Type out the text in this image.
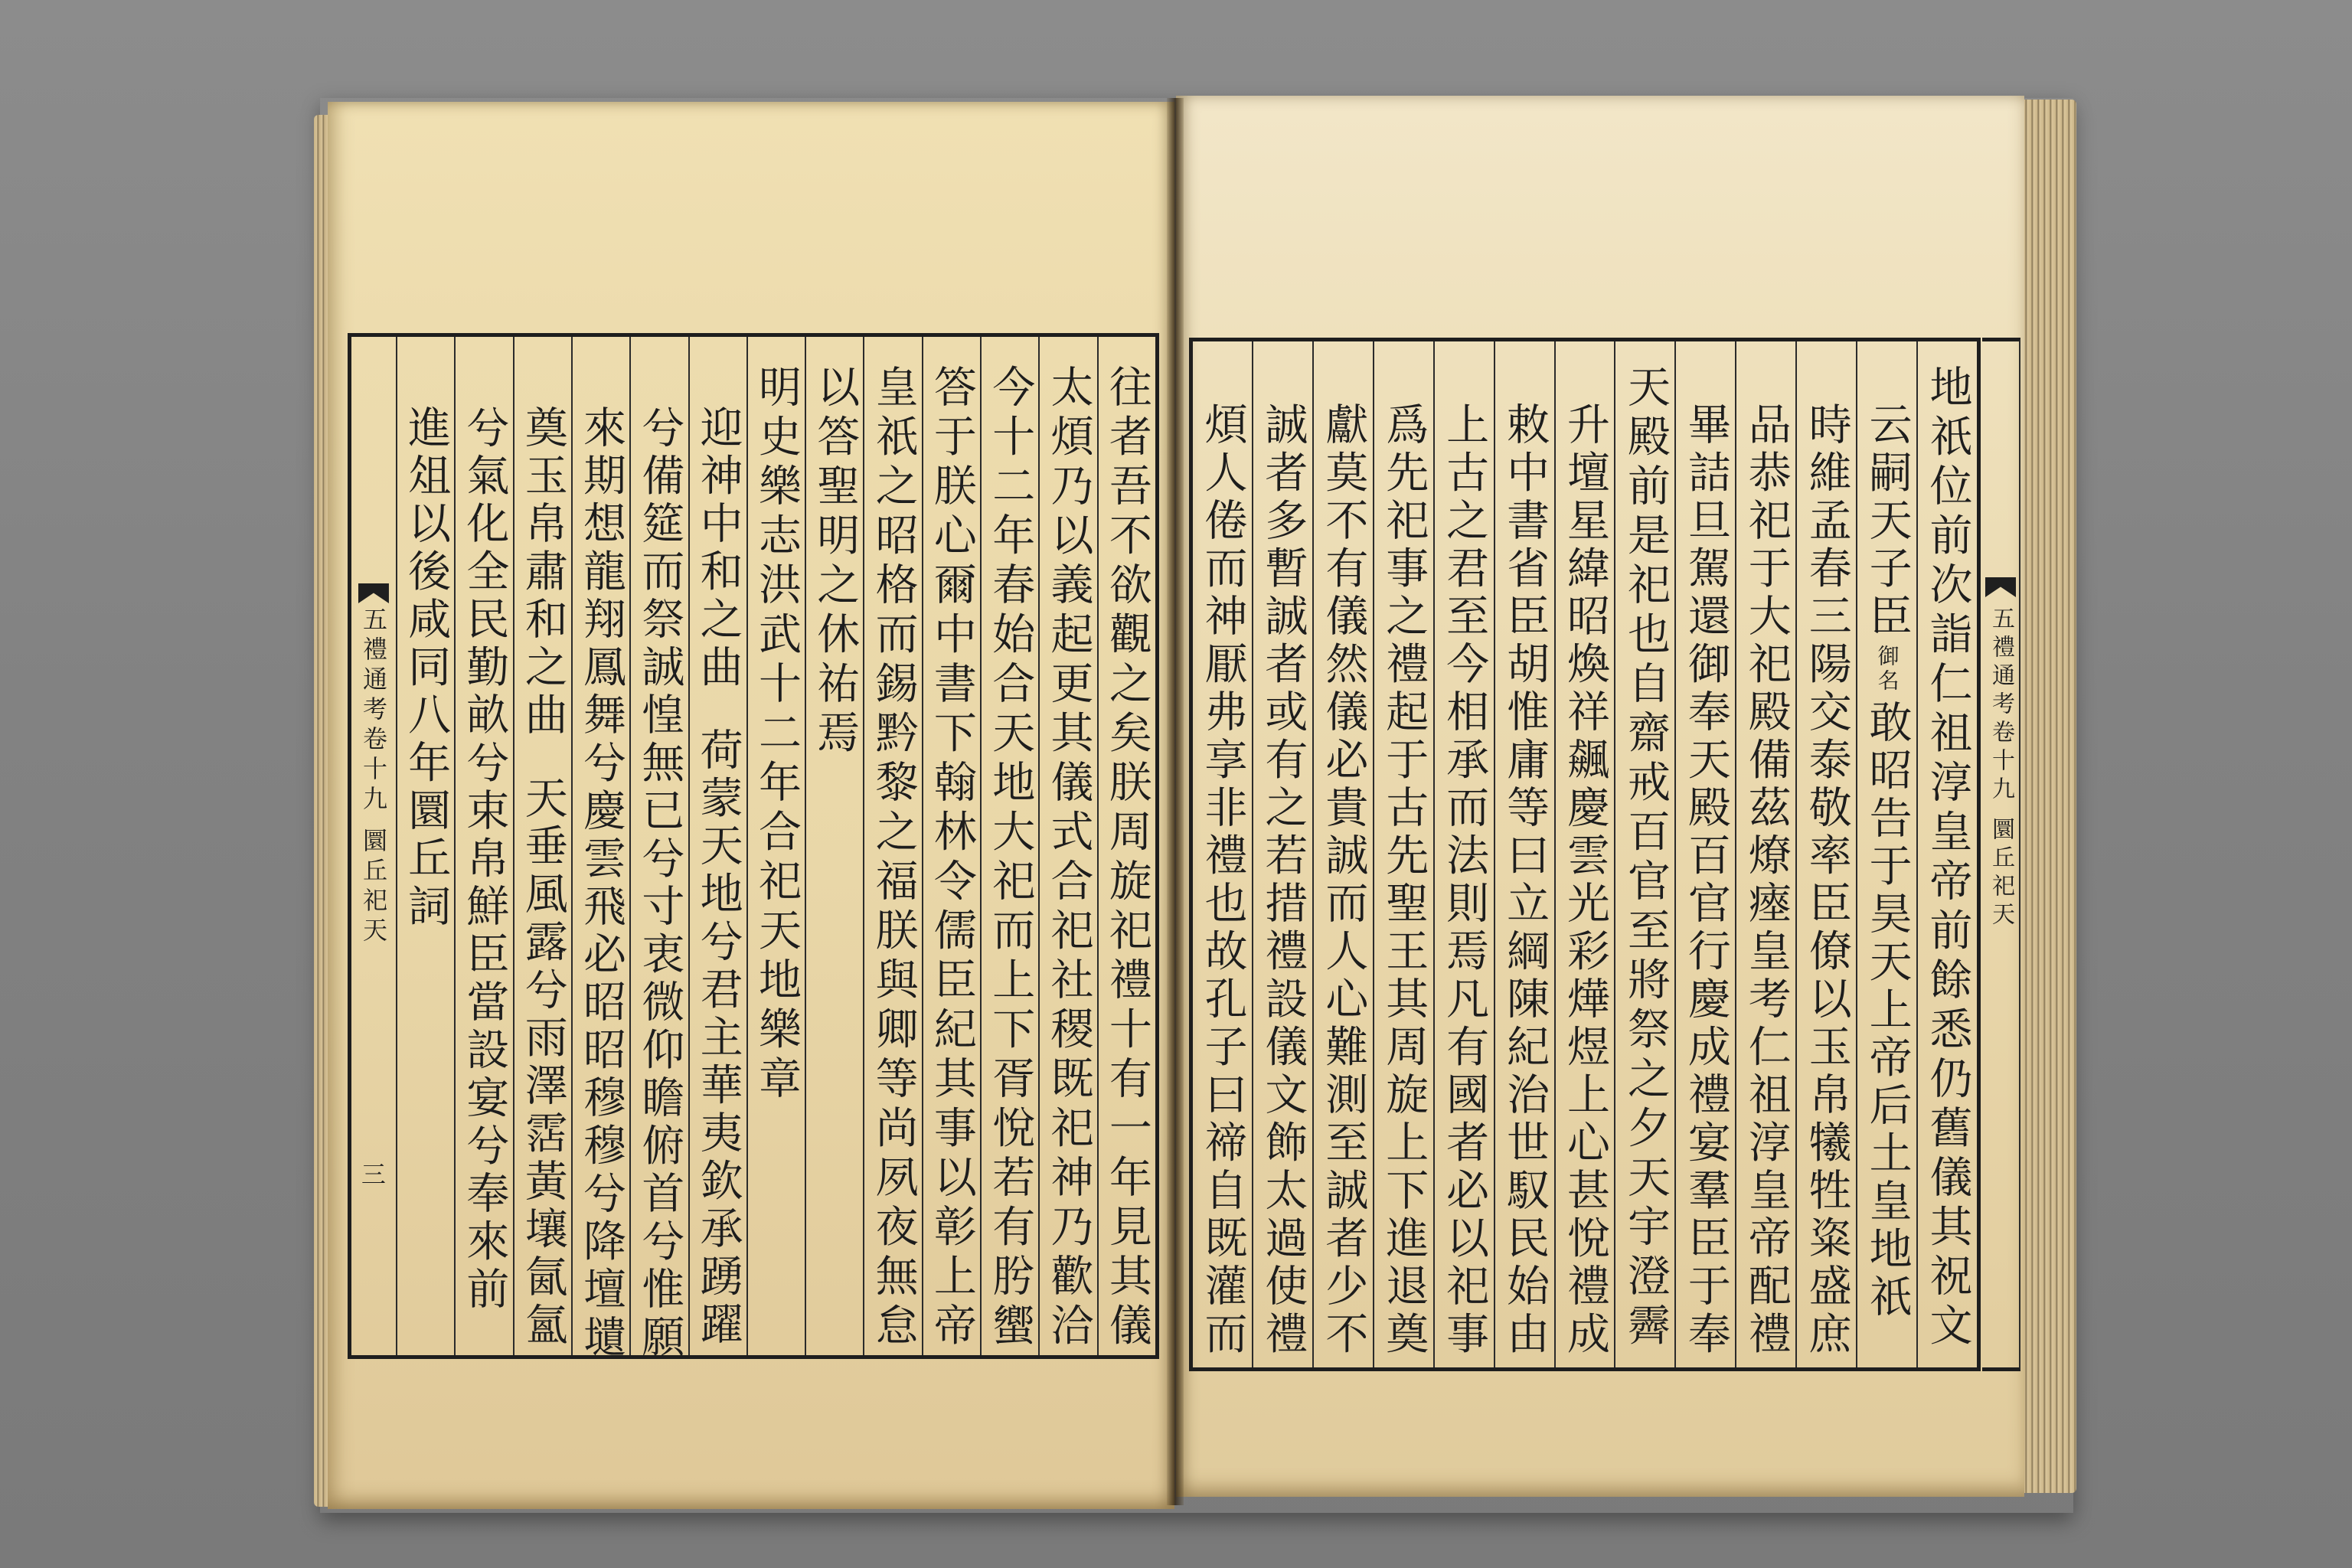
往者吾不欲觀之矣朕周旋祀禮十有一年見其儀
太煩乃以義起更其儀式合祀社稷既祀神乃歡洽
今十二年春始合天地大祀而上下胥悅若有肹蠁
答于朕心爾中書下翰林令儒臣紀其事以彰上帝
皇祇之昭格而錫黔黎之福朕與卿等尚夙夜無怠
以答聖明之休祐焉
明史樂志洪武十二年合祀天地樂章
迎神中和之曲
荷蒙天地兮君主華夷欽承踴躍
兮備筵而祭誠惶無已兮寸衷微仰瞻俯首兮惟願
來期想龍翔鳳舞兮慶雲飛必昭昭穆穆兮降壇壝
奠玉帛肅和之曲
天垂風露兮雨澤霑黃壤氤氳
兮氣化全民勤畝兮束帛鮮臣當設宴兮奉來前
進俎以後咸同八年圜丘詞
五禮通考卷十九
圜丘祀天
三	地祇位前次詣仁祖淳皇帝前餘悉仍舊儀其祝文
云嗣天子臣
御名
敢昭告于昊天上帝后土皇地祇
時維孟春三陽交泰敬率臣僚以玉帛犧牲粢盛庶
品恭祀于大祀殿備茲燎瘞皇考仁祖淳皇帝配禮
畢詰旦駕還御奉天殿百官行慶成禮宴羣臣于奉
天殿前是祀也自齋戒百官至將祭之夕天宇澄霽
升壇星緯昭煥祥飆慶雲光彩燁煜上心甚悅禮成
敕中書省臣胡惟庸等曰立綱陳紀治世馭民始由
上古之君至今相承而法則焉凡有國者必以祀事
爲先祀事之禮起于古先聖王其周旋上下進退奠
獻莫不有儀然儀必貴誠而人心難測至誠者少不
誠者多暫誠者或有之若措禮設儀文飾太過使禮
煩人倦而神厭弗享非禮也故孔子曰禘自既灌而	五禮通考卷十九
圜丘祀天
